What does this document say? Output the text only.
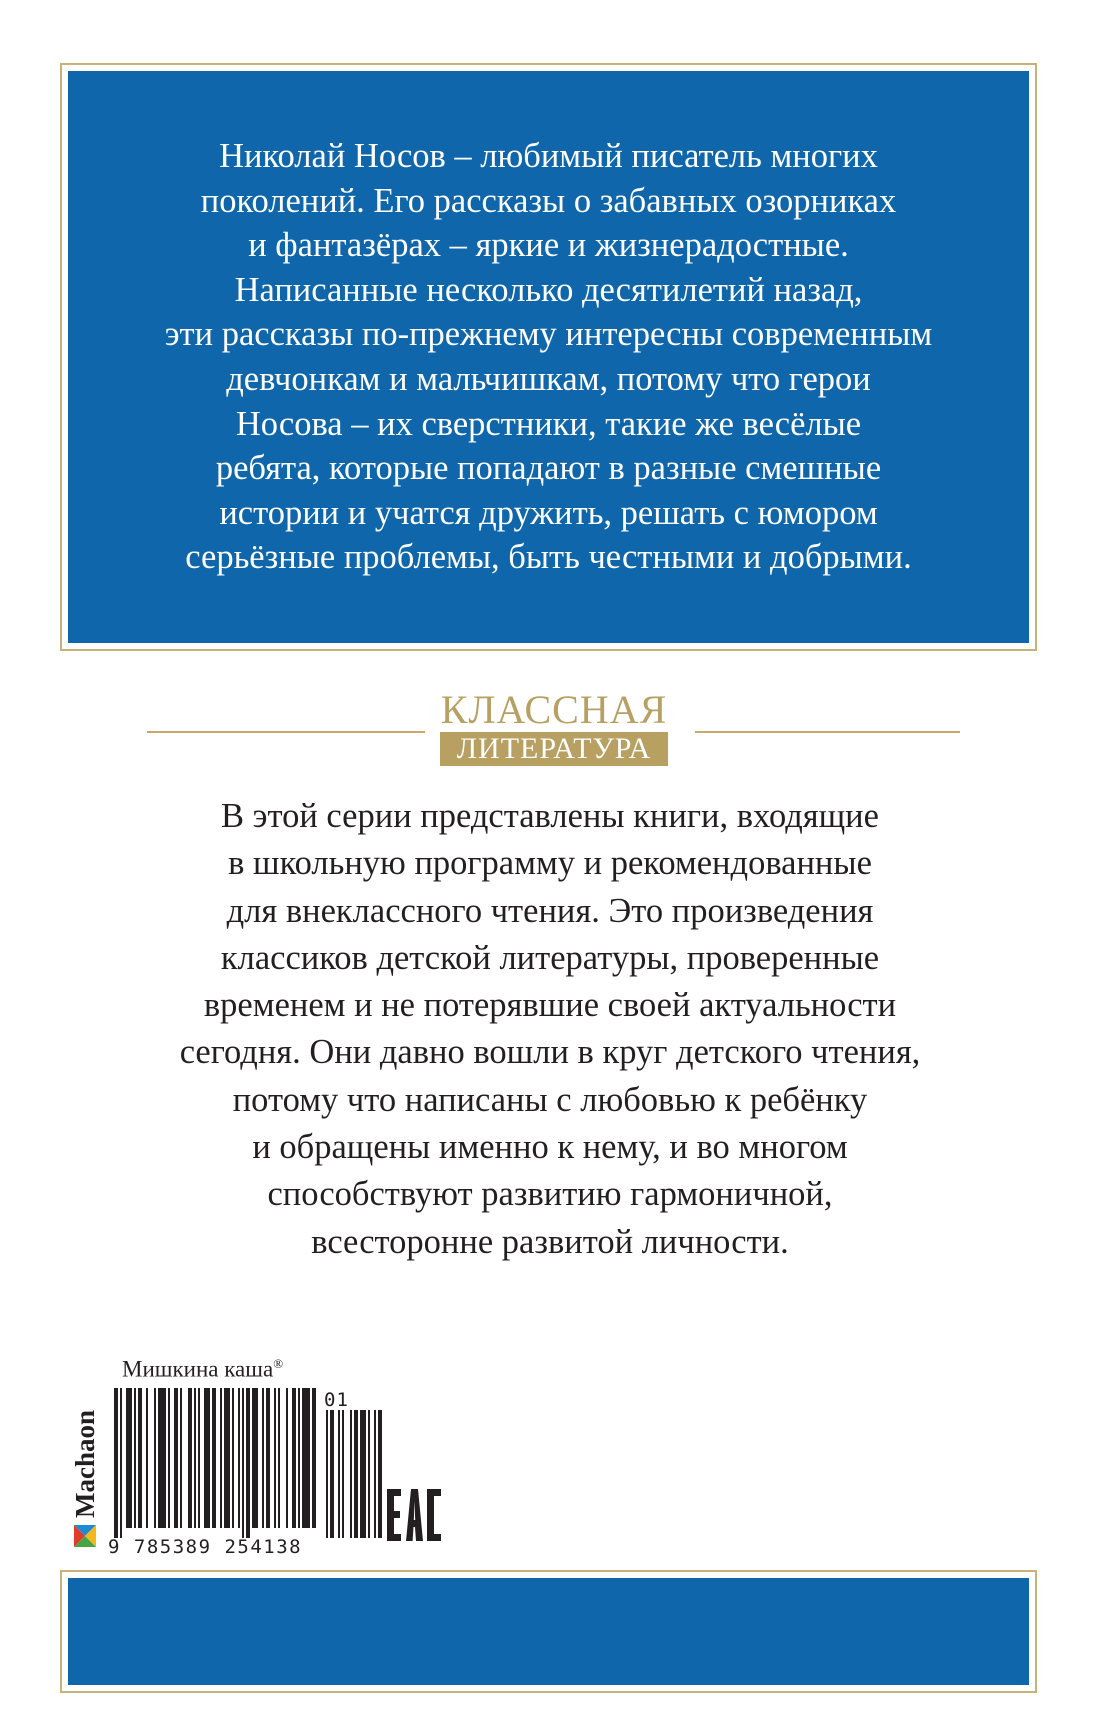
Николай Носов – любимый писатель многих
поколений. Его рассказы о забавных озорниках
и фантазёрах – яркие и жизнерадостные.
Написанные несколько десятилетий назад,
эти рассказы по-прежнему интересны современным
девчонкам и мальчишкам, потому что герои
Носова – их сверстники, такие же весёлые
ребята, которые попадают в разные смешные
истории и учатся дружить, решать с юмором
серьёзные проблемы, быть честными и добрыми.
КЛАССНАЯ
ЛИТЕРАТУРА
В этой серии представлены книги, входящие
в школьную программу и рекомендованные
для внеклассного чтения. Это произведения
классиков детской литературы, проверенные
временем и не потерявшие своей актуальности
сегодня. Они давно вошли в круг детского чтения,
потому что написаны с любовью к ребёнку
и обращены именно к нему, и во многом
способствуют развитию гармоничной,
всесторонне развитой личности.
Мишкина каша®
Machaon
01
9 785389 254138
